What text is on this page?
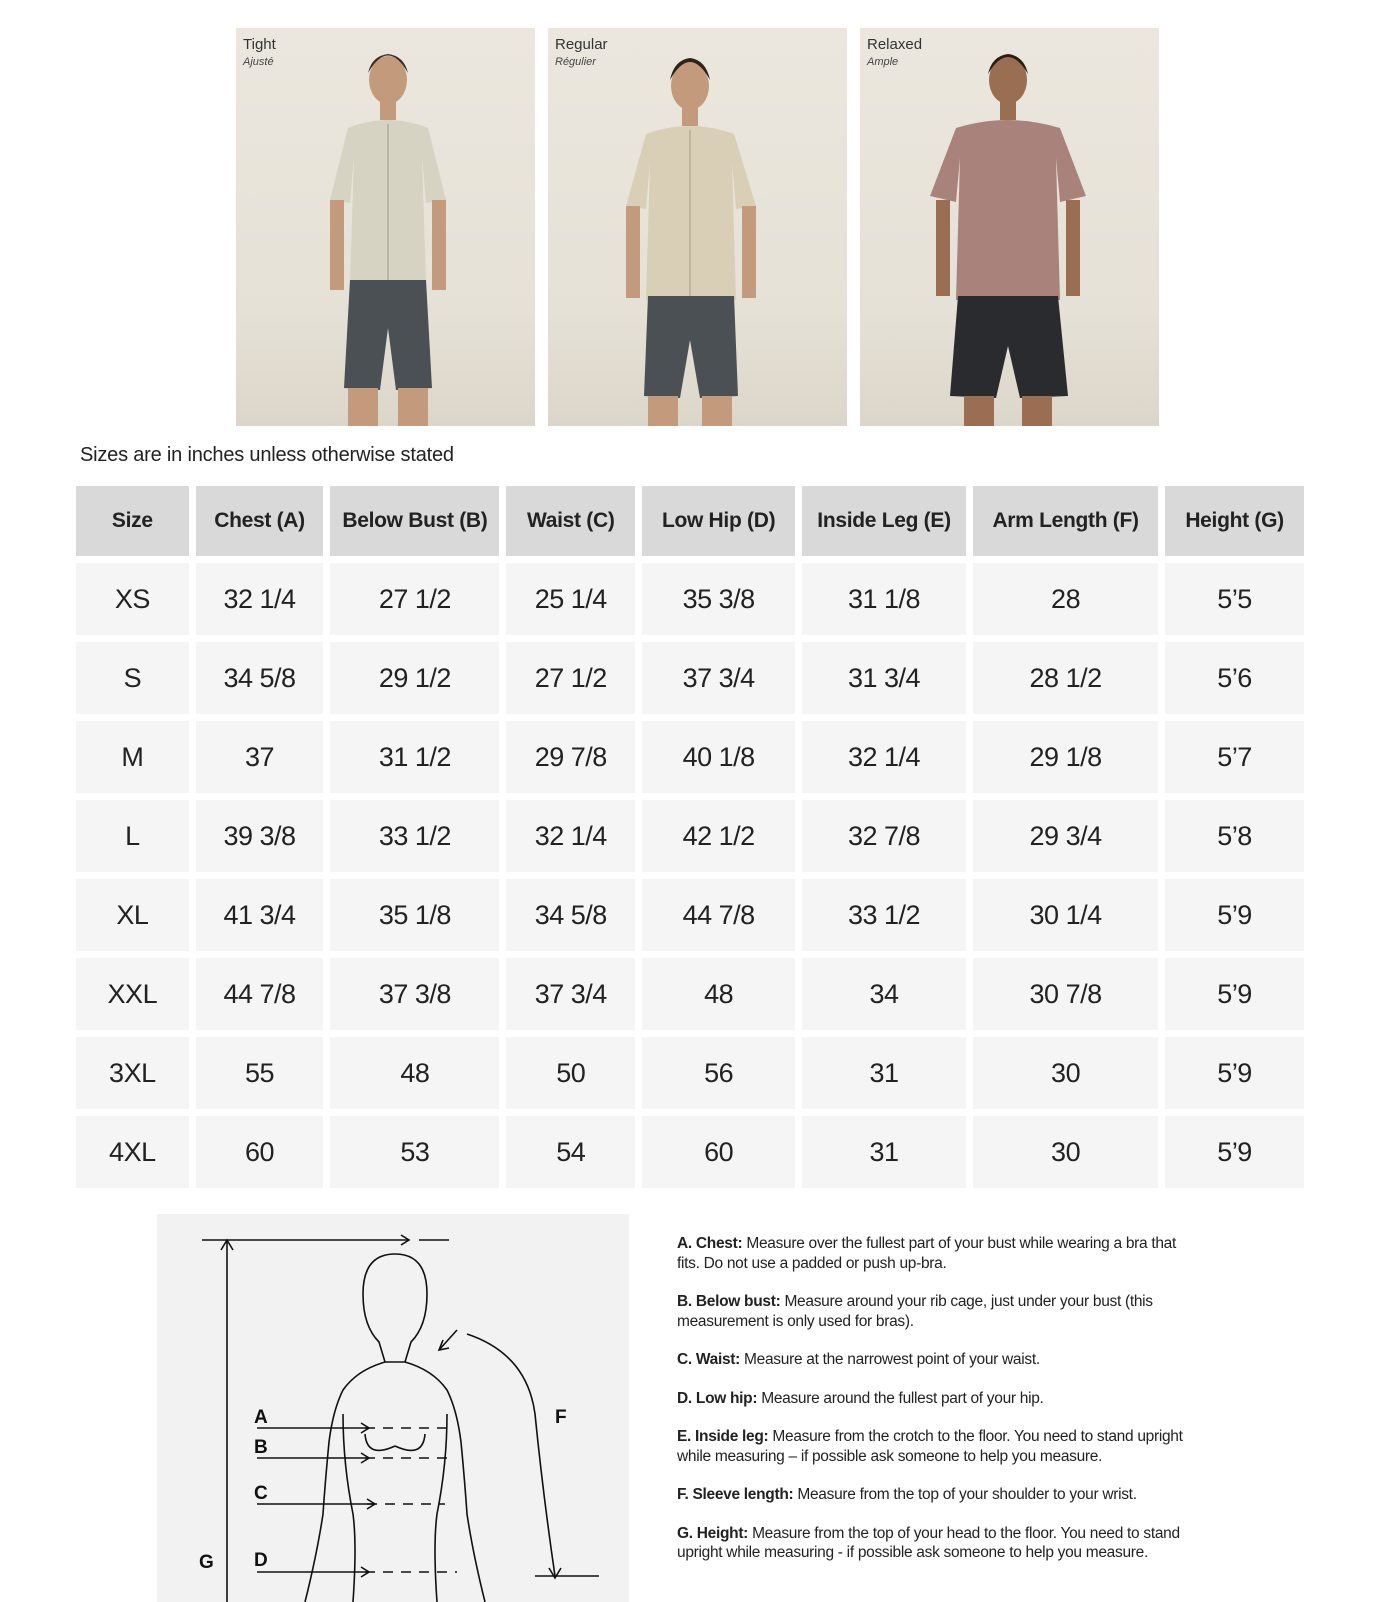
Tight
Ajusté
Regular
Régulier
Relaxed
Ample
Sizes are in inches unless otherwise stated
Size	Chest (A)	Below Bust (B)	Waist (C)	Low Hip (D)	Inside Leg (E)	Arm Length (F)	Height (G)
XS	32 1/4	27 1/2	25 1/4	35 3/8	31 1/8	28	5’5
S	34 5/8	29 1/2	27 1/2	37 3/4	31 3/4	28 1/2	5’6
M	37	31 1/2	29 7/8	40 1/8	32 1/4	29 1/8	5’7
L	39 3/8	33 1/2	32 1/4	42 1/2	32 7/8	29 3/4	5’8
XL	41 3/4	35 1/8	34 5/8	44 7/8	33 1/2	30 1/4	5’9
XXL	44 7/8	37 3/8	37 3/4	48	34	30 7/8	5’9
3XL	55	48	50	56	31	30	5’9
4XL	60	53	54	60	31	30	5’9
A
B
C
D
F
G

A. Chest: Measure over the fullest part of your bust while wearing a bra that fits. Do not use a padded or push up-bra.

B. Below bust: Measure around your rib cage, just under your bust (this measurement is only used for bras).

C. Waist: Measure at the narrowest point of your waist.

D. Low hip: Measure around the fullest part of your hip.

E. Inside leg: Measure from the crotch to the floor. You need to stand upright while measuring – if possible ask someone to help you measure.

F. Sleeve length: Measure from the top of your shoulder to your wrist.

G. Height: Measure from the top of your head to the floor. You need to stand upright while measuring - if possible ask someone to help you measure.
